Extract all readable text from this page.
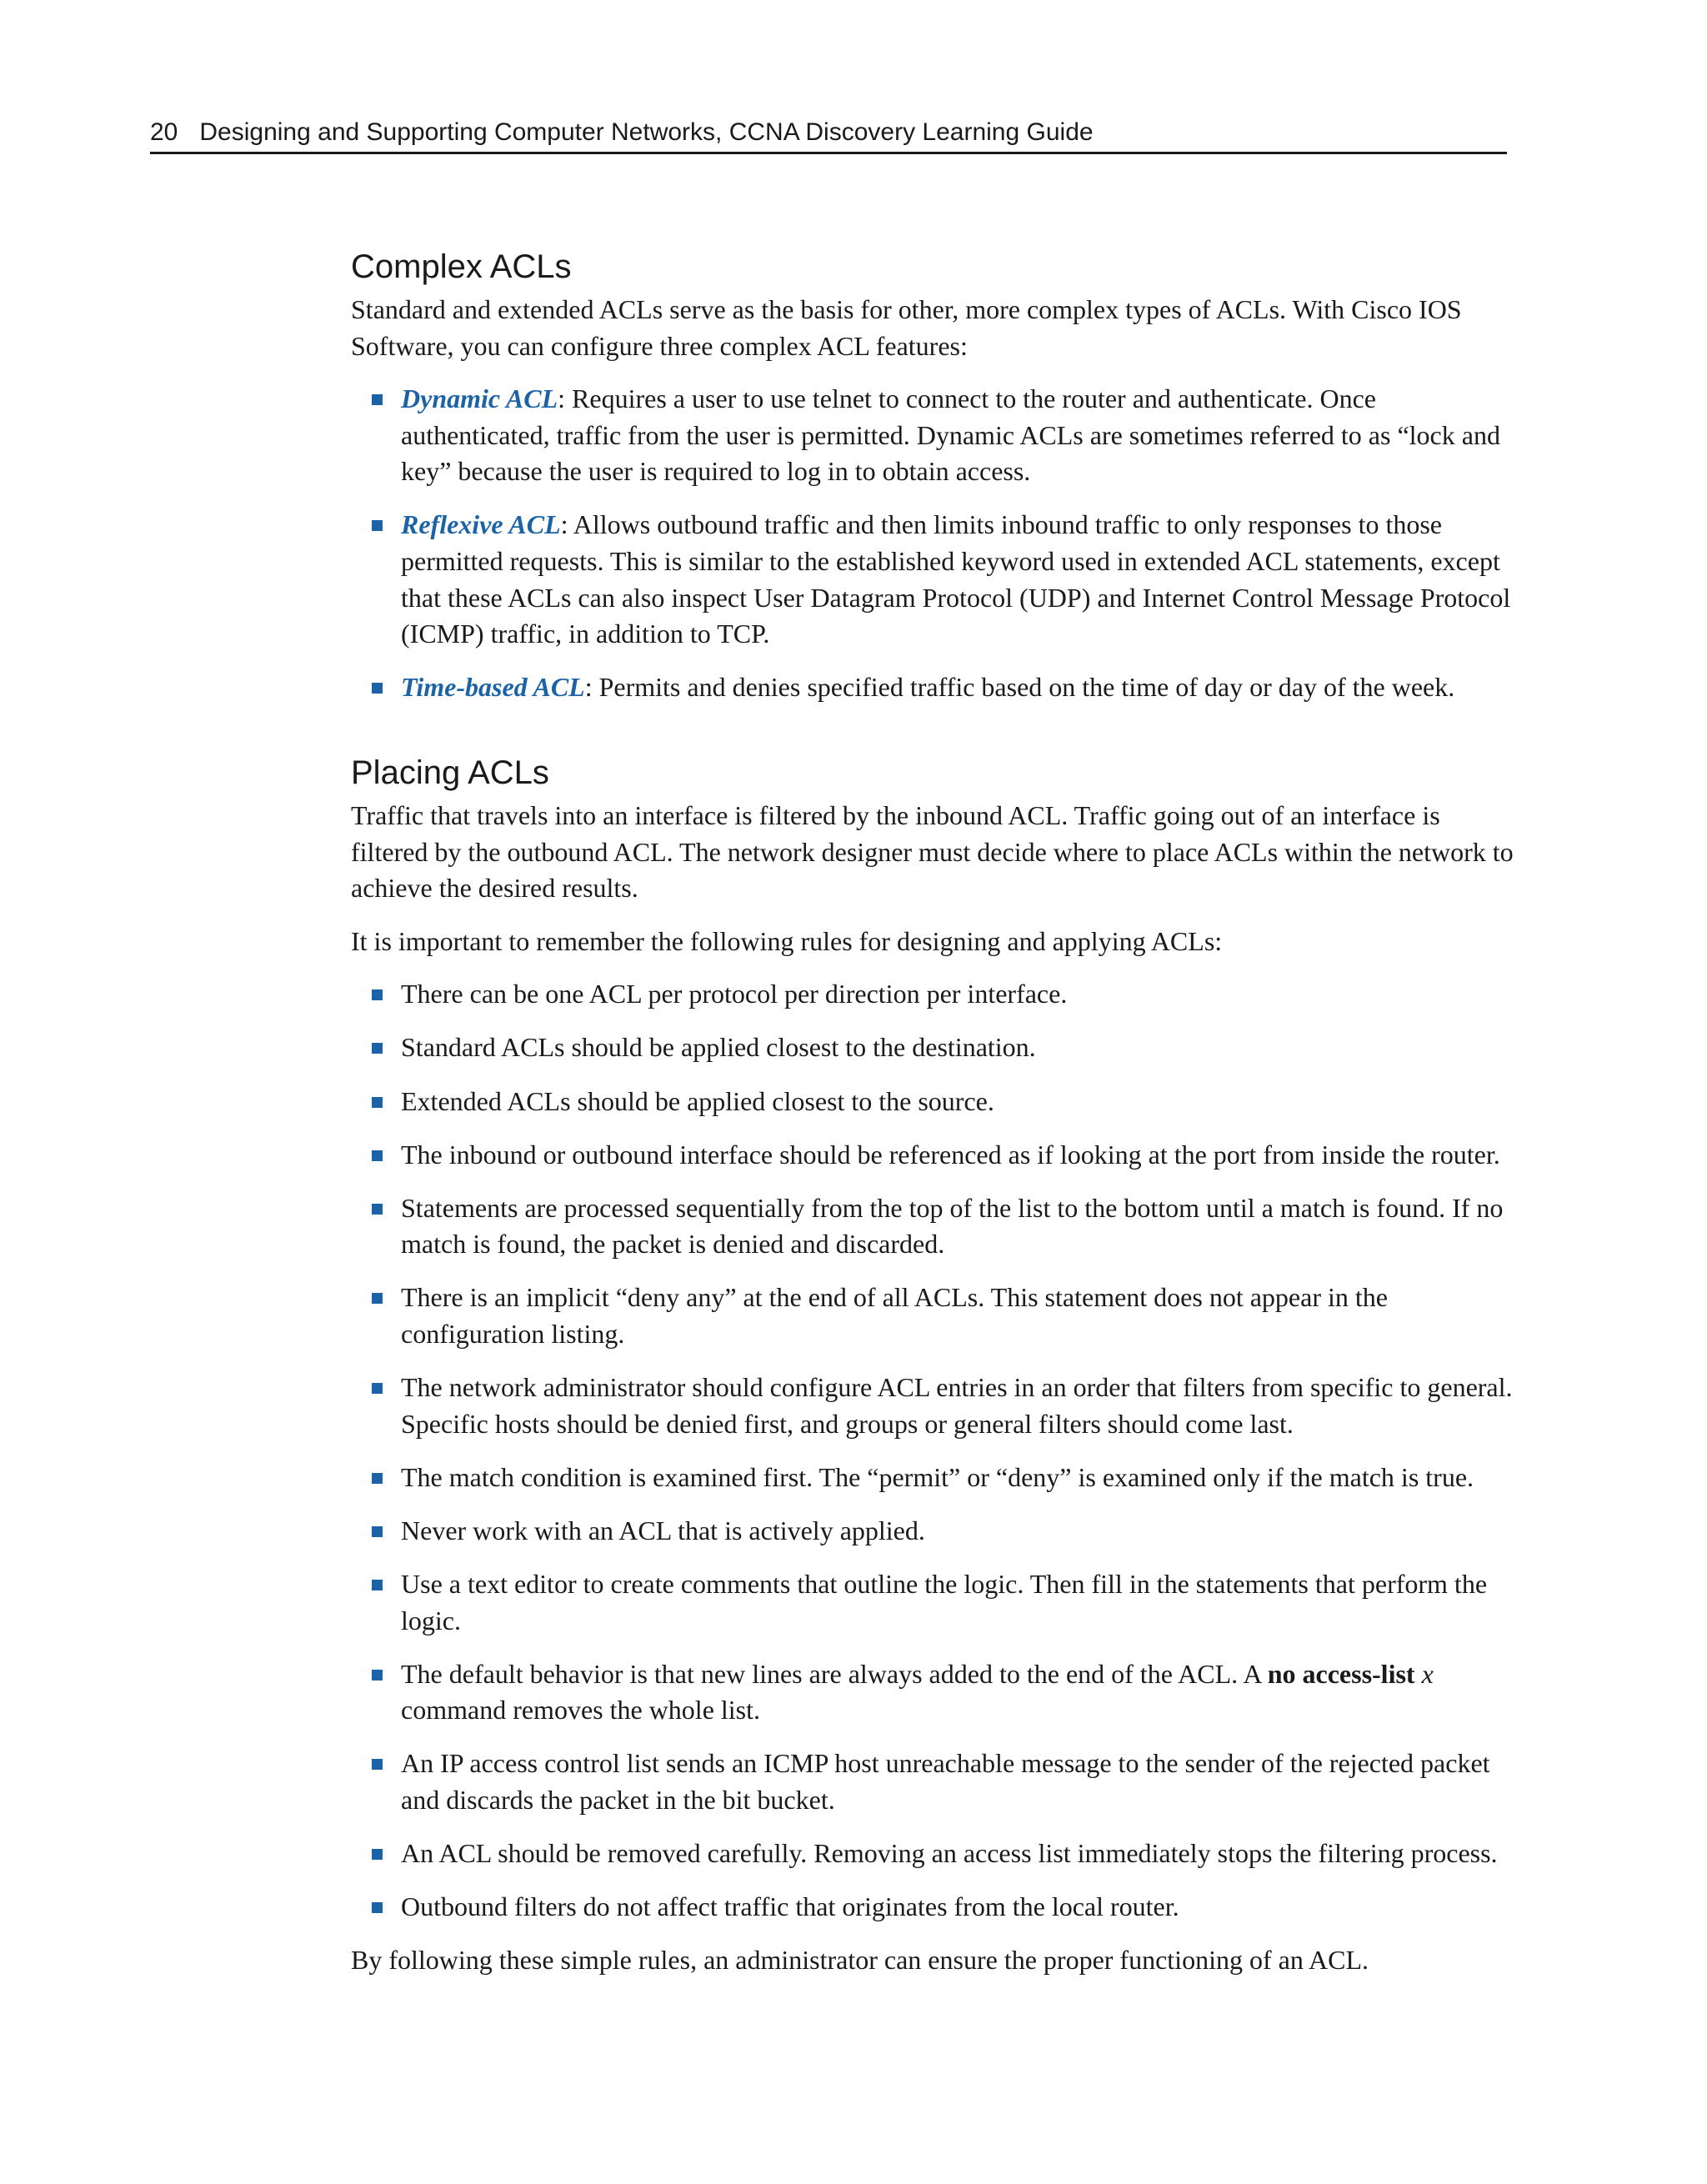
20 Designing and Supporting Computer Networks, CCNA Discovery Learning Guide
Complex ACLs

Standard and extended ACLs serve as the basis for other, more complex types of ACLs. With Cisco IOS Software, you can configure three complex ACL features:

Dynamic ACL: Requires a user to use telnet to connect to the router and authenticate. Once authenticated, traffic from the user is permitted. Dynamic ACLs are sometimes referred to as “lock and key” because the user is required to log in to obtain access.
Reflexive ACL: Allows outbound traffic and then limits inbound traffic to only responses to those permitted requests. This is similar to the established keyword used in extended ACL statements, except that these ACLs can also inspect User Datagram Protocol (UDP) and Internet Control Message Protocol (ICMP) traffic, in addition to TCP.
Time-based ACL: Permits and denies specified traffic based on the time of day or day of the week.
Placing ACLs

Traffic that travels into an interface is filtered by the inbound ACL. Traffic going out of an interface is filtered by the outbound ACL. The network designer must decide where to place ACLs within the network to achieve the desired results.

It is important to remember the following rules for designing and applying ACLs:

There can be one ACL per protocol per direction per interface.
Standard ACLs should be applied closest to the destination.
Extended ACLs should be applied closest to the source.
The inbound or outbound interface should be referenced as if looking at the port from inside the router.
Statements are processed sequentially from the top of the list to the bottom until a match is found. If no match is found, the packet is denied and discarded.
There is an implicit “deny any” at the end of all ACLs. This statement does not appear in the configuration listing.
The network administrator should configure ACL entries in an order that filters from specific to general. Specific hosts should be denied first, and groups or general filters should come last.
The match condition is examined first. The “permit” or “deny” is examined only if the match is true.
Never work with an ACL that is actively applied.
Use a text editor to create comments that outline the logic. Then fill in the statements that perform the logic.
The default behavior is that new lines are always added to the end of the ACL. A no access-list x command removes the whole list.
An IP access control list sends an ICMP host unreachable message to the sender of the rejected packet and discards the packet in the bit bucket.
An ACL should be removed carefully. Removing an access list immediately stops the filtering process.
Outbound filters do not affect traffic that originates from the local router.

By following these simple rules, an administrator can ensure the proper functioning of an ACL.
